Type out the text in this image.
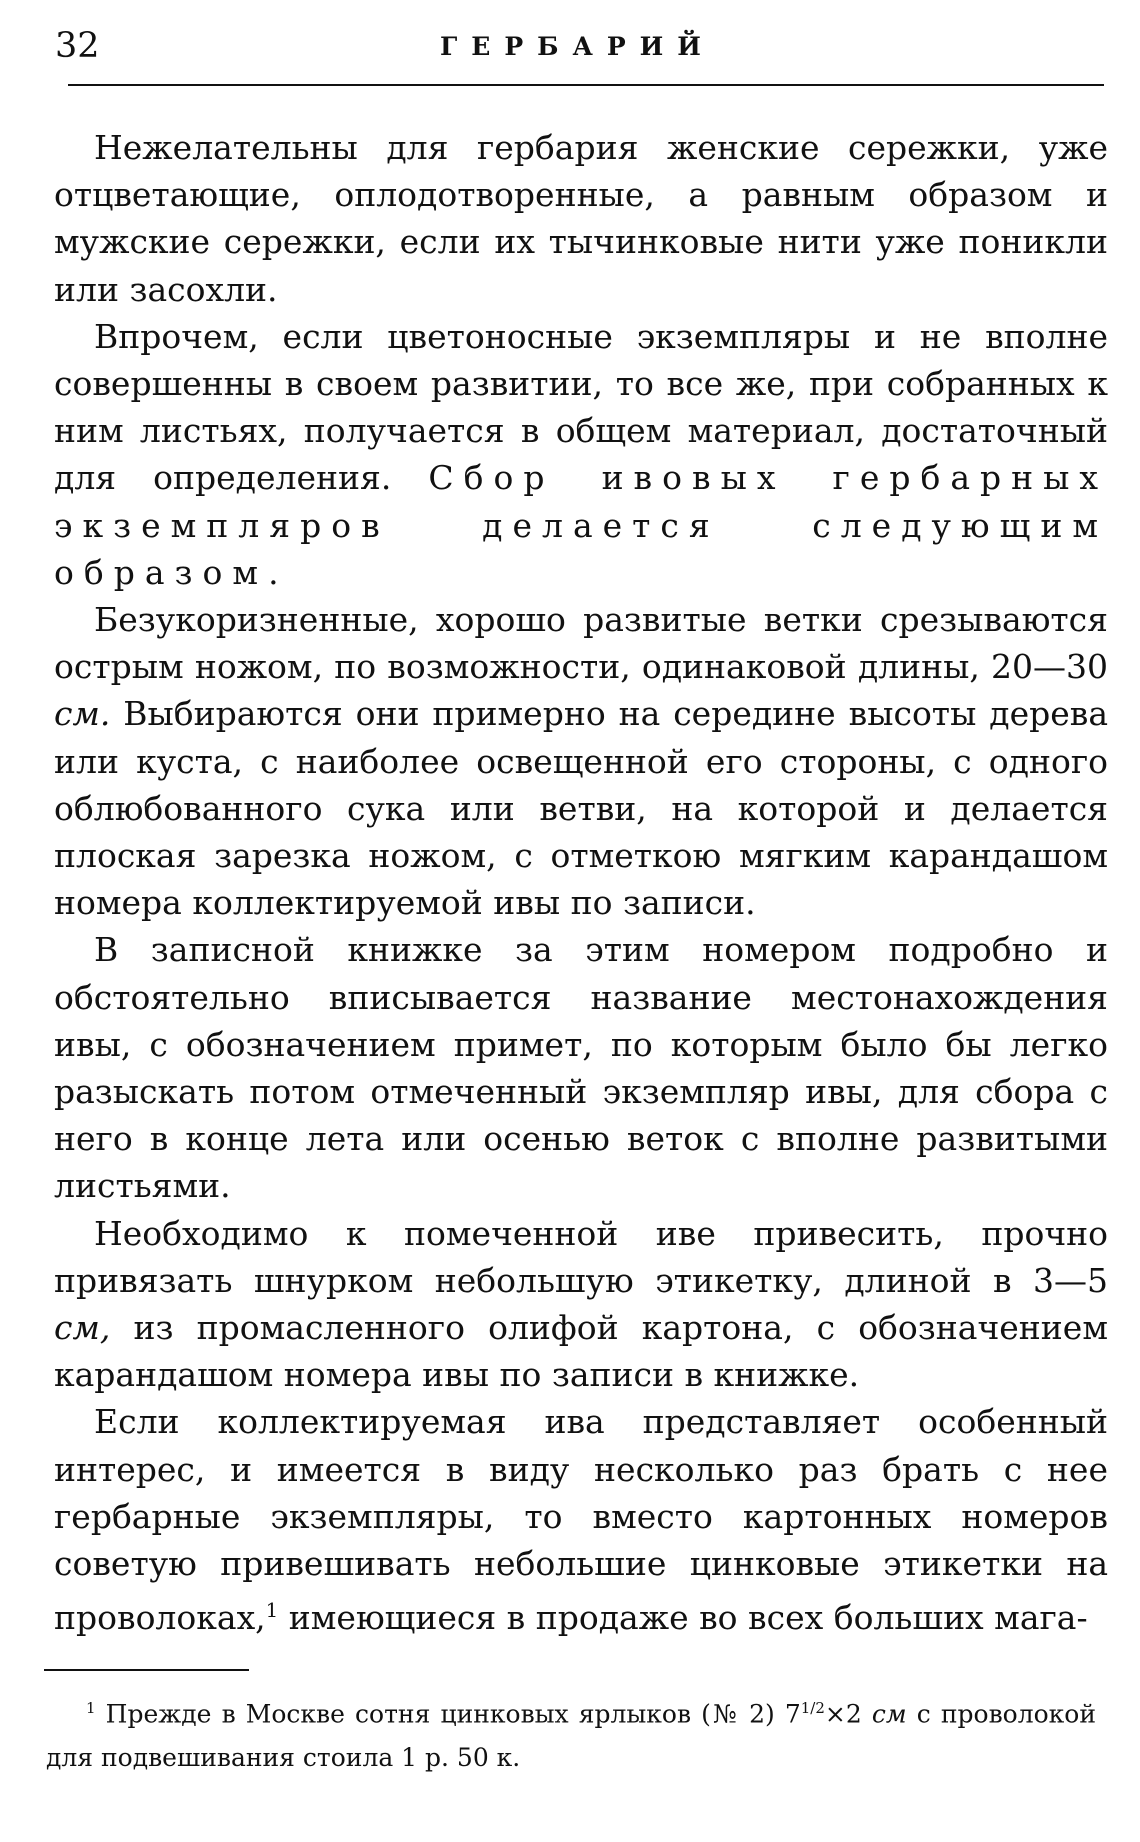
32	ГЕРБАРИЙ

Нежелательны для гербария женские сережки, уже отцветающие, оплодотворенные, а равным образом и мужские сережки, если их тычинковые нити уже поникли или засохли.

Впрочем, если цветоносные экземпляры и не вполне совершенны в своем развитии, то все же, при собранных к ним листьях, получается в общем материал, достаточный для определения. Сбор ивовых гербарных экземпляров делается следующим образом.

Безукоризненные, хорошо развитые ветки срезываются острым ножом, по возможности, одинаковой длины, 20—30 см. Выбираются они примерно на середине высоты дерева или куста, с наиболее освещенной его стороны, с одного облюбованного сука или ветви, на которой и делается плоская зарезка ножом, с отметкою мягким карандашом номера коллектируемой ивы по записи.

В записной книжке за этим номером подробно и обстоятельно вписывается название местонахождения ивы, с обозначением примет, по которым было бы легко разыскать потом отмеченный экземпляр ивы, для сбора с него в конце лета или осенью веток с вполне развитыми листьями.

Необходимо к помеченной иве привесить, прочно привязать шнурком небольшую этикетку, длиной в 3—5 см, из промасленного олифой картона, с обозначением карандашом номера ивы по записи в книжке.

Если коллектируемая ива представляет особенный интерес, и имеется в виду несколько раз брать с нее гербарные экземпляры, то вместо картонных номеров советую привешивать небольшие цинковые этикетки на проволоках,$^1$ имеющиеся в продаже во всех больших мага-

$^1$ Прежде в Москве сотня цинковых ярлыков (№ 2) $7^{1/2}\times 2$ см с проволокой для подвешивания стоила 1 р. 50 к.
